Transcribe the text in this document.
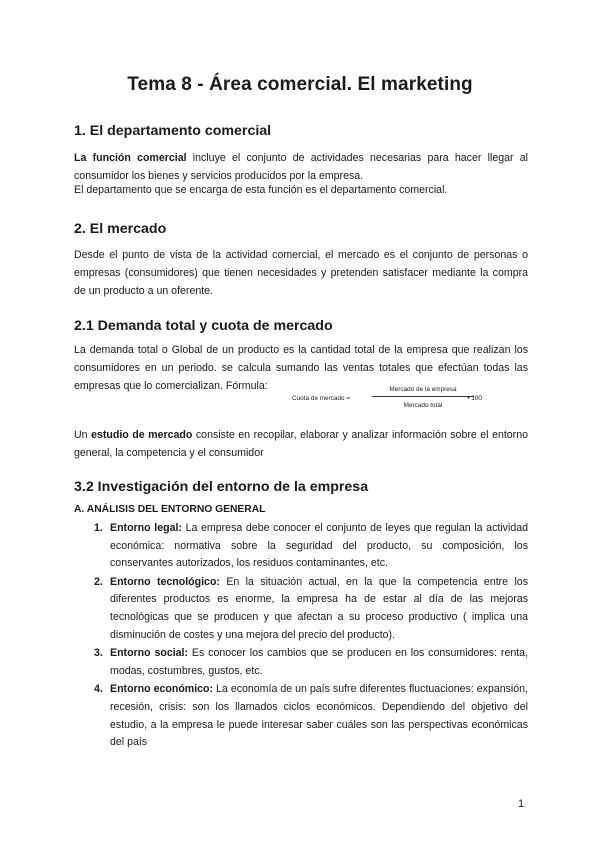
Tema 8 - Área comercial. El marketing
1. El departamento comercial

La función comercial incluye el conjunto de actividades necesarias para hacer llegar al consumidor los bienes y servicios producidos por la empresa.

El departamento que se encarga de esta función es el departamento comercial.

2. El mercado

Desde el punto de vista de la actividad comercial, el mercado es el conjunto de personas o empresas (consumidores) que tienen necesidades y pretenden satisfacer mediante la compra de un producto a un oferente.

2.1 Demanda total y cuota de mercado

La demanda total o Global de un producto es la cantidad total de la empresa que realizan los consumidores en un periodo. se calcula sumando las ventas totales que efectúan todas las empresas que lo comercializan. Fórmula:

Cuota de mercado =
Mercado de la empresa
Mercado total
• 100

Un estudio de mercado consiste en recopilar, elaborar y analizar información sobre el entorno general, la competencia y el consumidor

3.2 Investigación del entorno de la empresa

A. ANÁLISIS DEL ENTORNO GENERAL

1. Entorno legal: La empresa debe conocer el conjunto de leyes que regulan la actividad económica: normativa sobre la seguridad del producto, su composición, los conservantes autorizados, los residuos contaminantes, etc.
2. Entorno tecnológico: En la situación actual, en la que la competencia entre los diferentes productos es enorme, la empresa ha de estar al día de las mejoras tecnológicas que se producen y que afectan a su proceso productivo ( implica una disminución de costes y una mejora del precio del producto).
3. Entorno social: Es conocer los cambios que se producen en los consumidores: renta, modas, costumbres, gustos, etc.
4. Entorno económico: La economía de un país sufre diferentes fluctuaciones: expansión, recesión, crisis: son los llamados ciclos económicos. Dependiendo del objetivo del estudio, a la empresa le puede interesar saber cuáles son las perspectivas económicas del país
1
